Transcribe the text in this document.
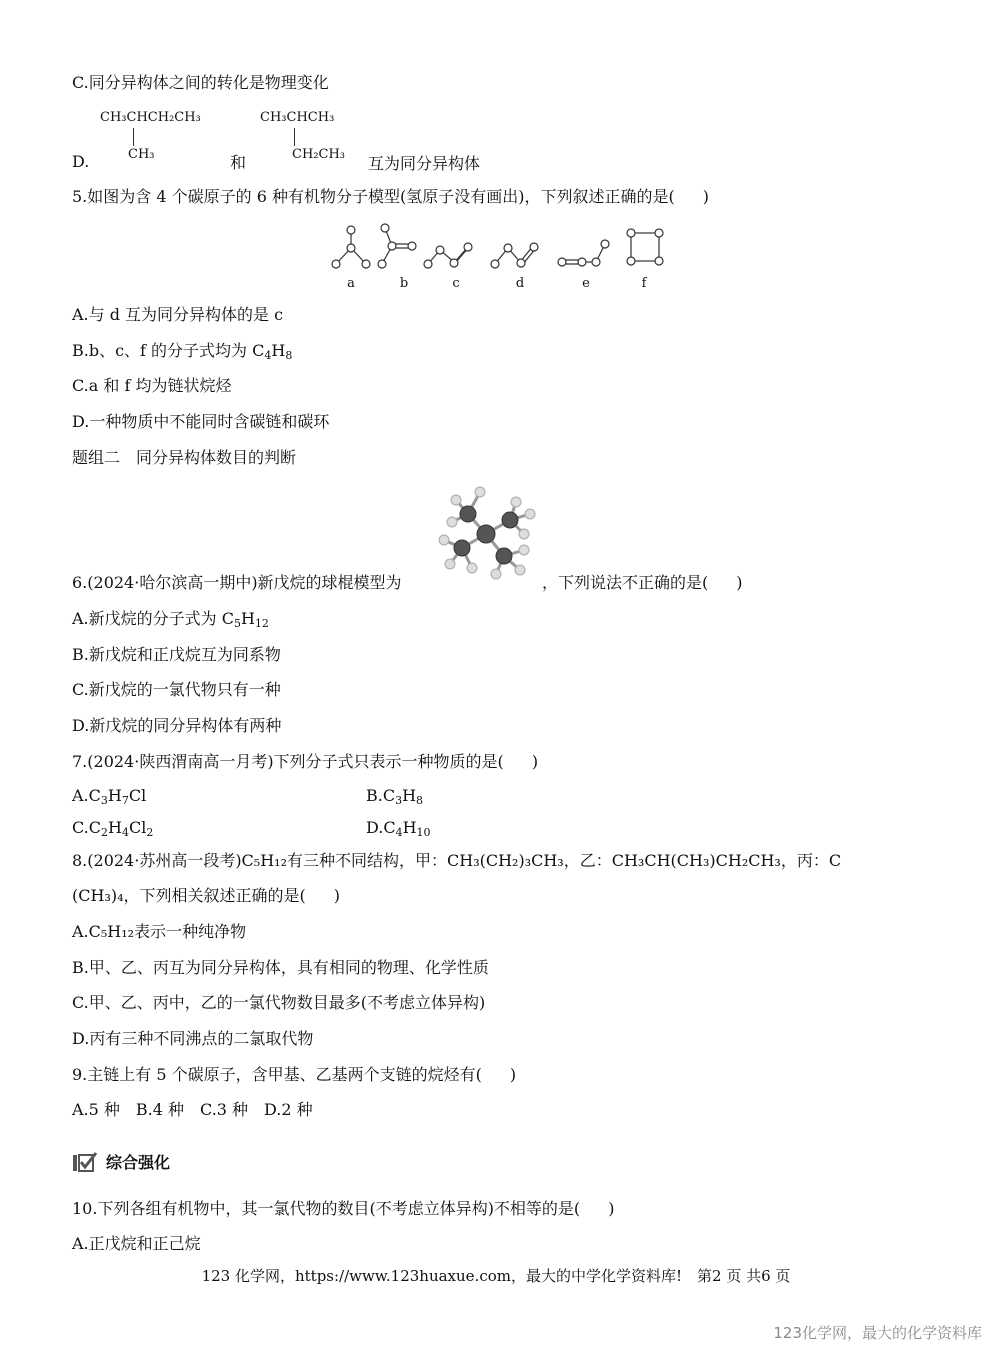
C.同分异构体之间的转化是物理变化
CH₃CHCH₂CH₃
CH₃
CH₃CHCH₃
CH₂CH₃
D.	和	互为同分异构体
5.如图为含 4 个碳原子的 6 种有机物分子模型(氢原子没有画出)，下列叙述正确的是( )
a	b	c	d	e	f
A.与 d 互为同分异构体的是 c
B.b、c、f 的分子式均为 $C_4H_8$
C.a 和 f 均为链状烷烃
D.一种物质中不能同时含碳链和碳环
题组二　同分异构体数目的判断
6.(2024·哈尔滨高一期中)新戊烷的球棍模型为	，下列说法不正确的是( )
A.新戊烷的分子式为 $C_5H_{12}$
B.新戊烷和正戊烷互为同系物
C.新戊烷的一氯代物只有一种
D.新戊烷的同分异构体有两种
7.(2024·陕西渭南高一月考)下列分子式只表示一种物质的是( )
$A.C_3H_7Cl$	$B.C_3H_8$
$C.C_2H_4Cl_2$	$D.C_4H_{10}$
8.(2024·苏州高一段考)C₅H₁₂有三种不同结构，甲：CH₃(CH₂)₃CH₃，乙：CH₃CH(CH₃)CH₂CH₃，丙：C
(CH₃)₄，下列相关叙述正确的是( )
A.C₅H₁₂表示一种纯净物
B.甲、乙、丙互为同分异构体，具有相同的物理、化学性质
C.甲、乙、丙中，乙的一氯代物数目最多(不考虑立体异构)
D.丙有三种不同沸点的二氯取代物
9.主链上有 5 个碳原子，含甲基、乙基两个支链的烷烃有( )
A.5 种　B.4 种　C.3 种　D.2 种
综合强化
10.下列各组有机物中，其一氯代物的数目(不考虑立体异构)不相等的是( )
A.正戊烷和正己烷
123 化学网，https://www.123huaxue.com，最大的中学化学资料库!　第2 页 共6 页
123化学网，最大的化学资料库
